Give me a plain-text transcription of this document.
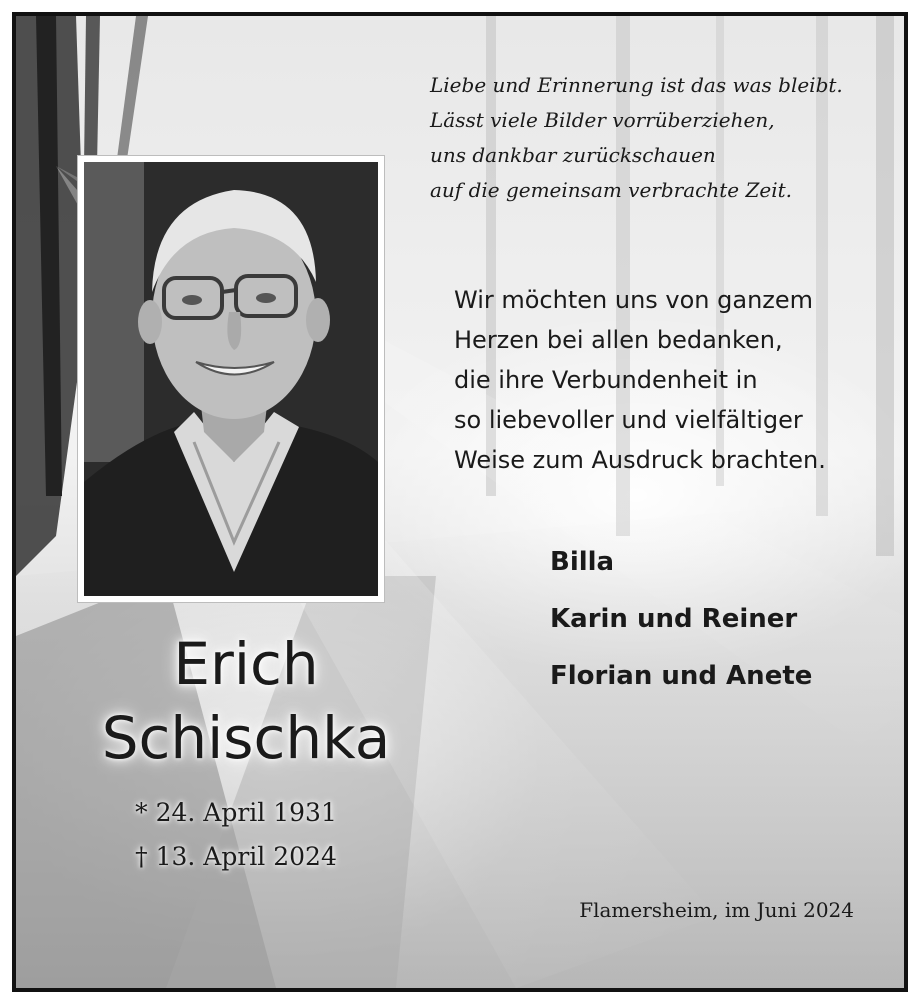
Erich
Schischka
* 24. April 1931
† 13. April 2024
Liebe und Erinnerung ist das was bleibt.
Lässt viele Bilder vorrüberziehen,
uns dankbar zurückschauen
auf die gemeinsam verbrachte Zeit.
Wir möchten uns von ganzem
Herzen bei allen bedanken,
die ihre Verbundenheit in
so liebevoller und vielfältiger
Weise zum Ausdruck brachten.
Billa
Karin und Reiner
Florian und Anete
Flamersheim, im Juni 2024
